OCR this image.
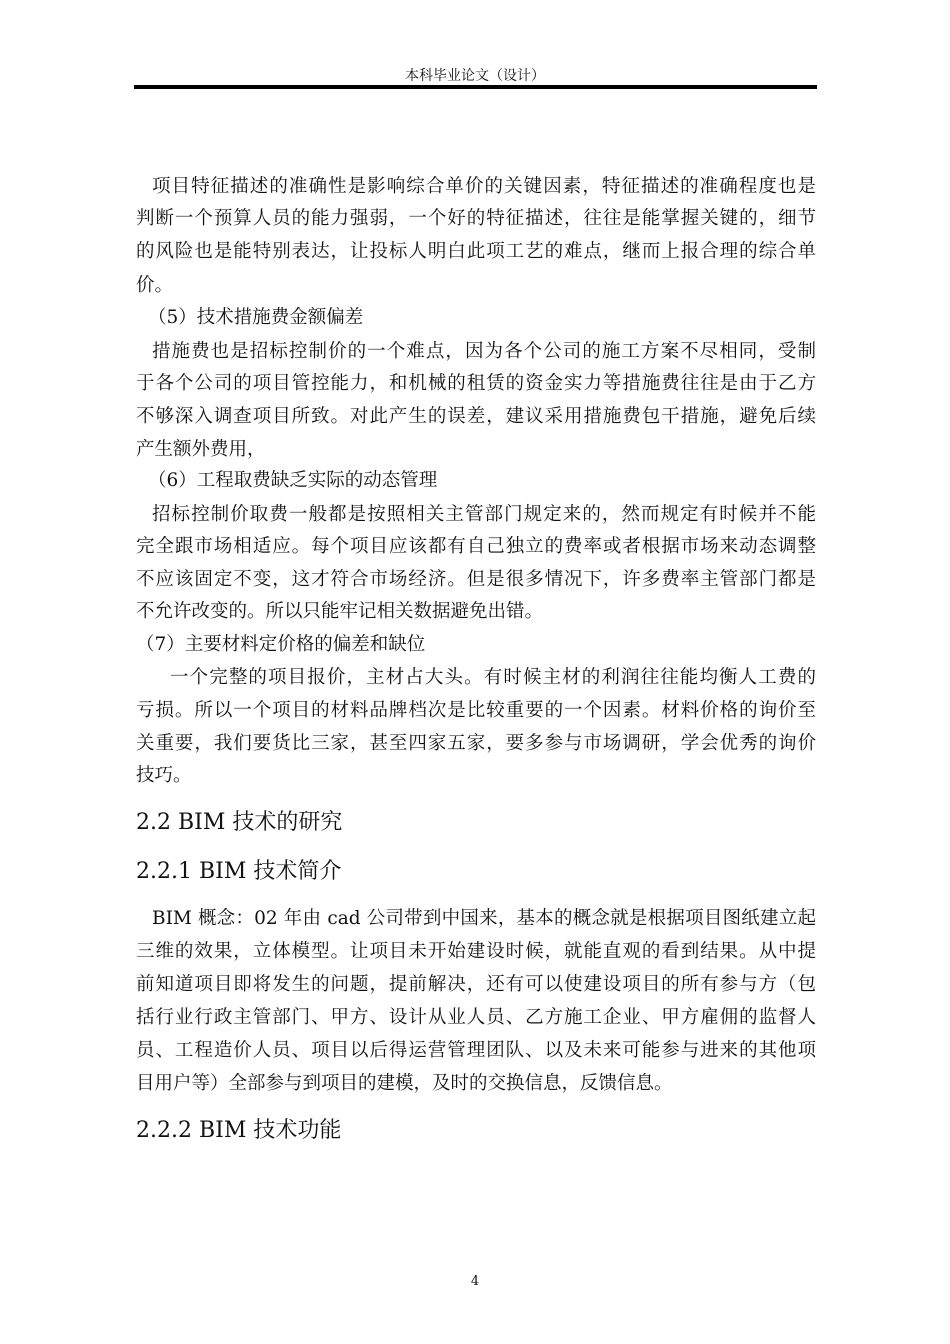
本科毕业论文（设计）
项目特征描述的准确性是影响综合单价的关键因素，特征描述的准确程度也是
判断一个预算人员的能力强弱，一个好的特征描述，往往是能掌握关键的，细节
的风险也是能特别表达，让投标人明白此项工艺的难点，继而上报合理的综合单
价。
（5）技术措施费金额偏差
措施费也是招标控制价的一个难点，因为各个公司的施工方案不尽相同，受制
于各个公司的项目管控能力，和机械的租赁的资金实力等措施费往往是由于乙方
不够深入调查项目所致。对此产生的误差，建议采用措施费包干措施，避免后续
产生额外费用，
（6）工程取费缺乏实际的动态管理
招标控制价取费一般都是按照相关主管部门规定来的，然而规定有时候并不能
完全跟市场相适应。每个项目应该都有自己独立的费率或者根据市场来动态调整
不应该固定不变，这才符合市场经济。但是很多情况下，许多费率主管部门都是
不允许改变的。所以只能牢记相关数据避免出错。
（7）主要材料定价格的偏差和缺位
一个完整的项目报价，主材占大头。有时候主材的利润往往能均衡人工费的
亏损。所以一个项目的材料品牌档次是比较重要的一个因素。材料价格的询价至
关重要，我们要货比三家，甚至四家五家，要多参与市场调研，学会优秀的询价
技巧。
2.2 BIM 技术的研究
2.2.1 BIM 技术简介
BIM 概念：02 年由 cad 公司带到中国来，基本的概念就是根据项目图纸建立起
三维的效果，立体模型。让项目未开始建设时候，就能直观的看到结果。从中提
前知道项目即将发生的问题，提前解决，还有可以使建设项目的所有参与方（包
括行业行政主管部门、甲方、设计从业人员、乙方施工企业、甲方雇佣的监督人
员、工程造价人员、项目以后得运营管理团队、以及未来可能参与进来的其他项
目用户等）全部参与到项目的建模，及时的交换信息，反馈信息。
2.2.2 BIM 技术功能
4
